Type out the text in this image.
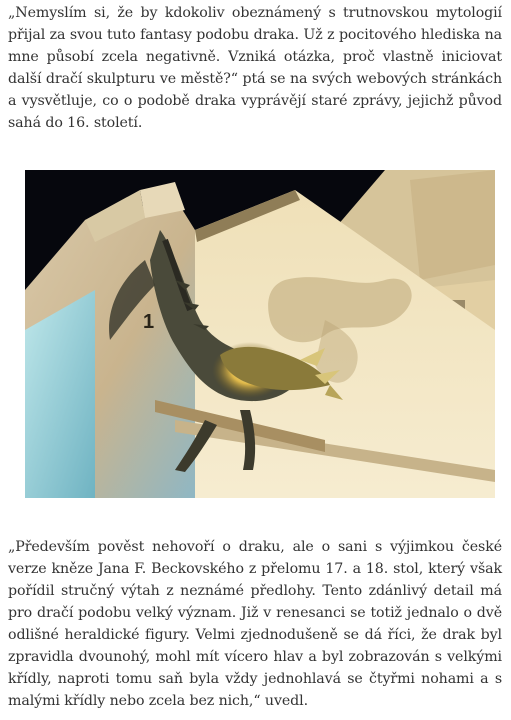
„Nemyslím si, že by kdokoliv obeznámený s trutnovskou mytologií přijal za svou tuto fantasy podobu draka. Už z pocitového hlediska na mne působí zcela negativně. Vzniká otázka, proč vlastně iniciovat další dračí skulpturu ve městě?“ ptá se na svých webových stránkách a vysvětluje, co o podobě draka vyprávějí staré zprávy, jejichž původ sahá do 16. století.

1

„Především pověst nehovoří o draku, ale o sani s výjimkou české verze kněze Jana F. Beckovského z přelomu 17. a 18. stol, který však pořídil stručný výtah z neznámé předlohy. Tento zdánlivý detail má pro dračí podobu velký význam. Již v renesanci se totiž jednalo o dvě odlišné heraldické figury. Velmi zjednodušeně se dá říci, že drak byl zpravidla dvounohý, mohl mít vícero hlav a byl zobrazován s velkými křídly, naproti tomu saň byla vždy jednohlavá se čtyřmi nohami a s malými křídly nebo zcela bez nich,“ uvedl.
